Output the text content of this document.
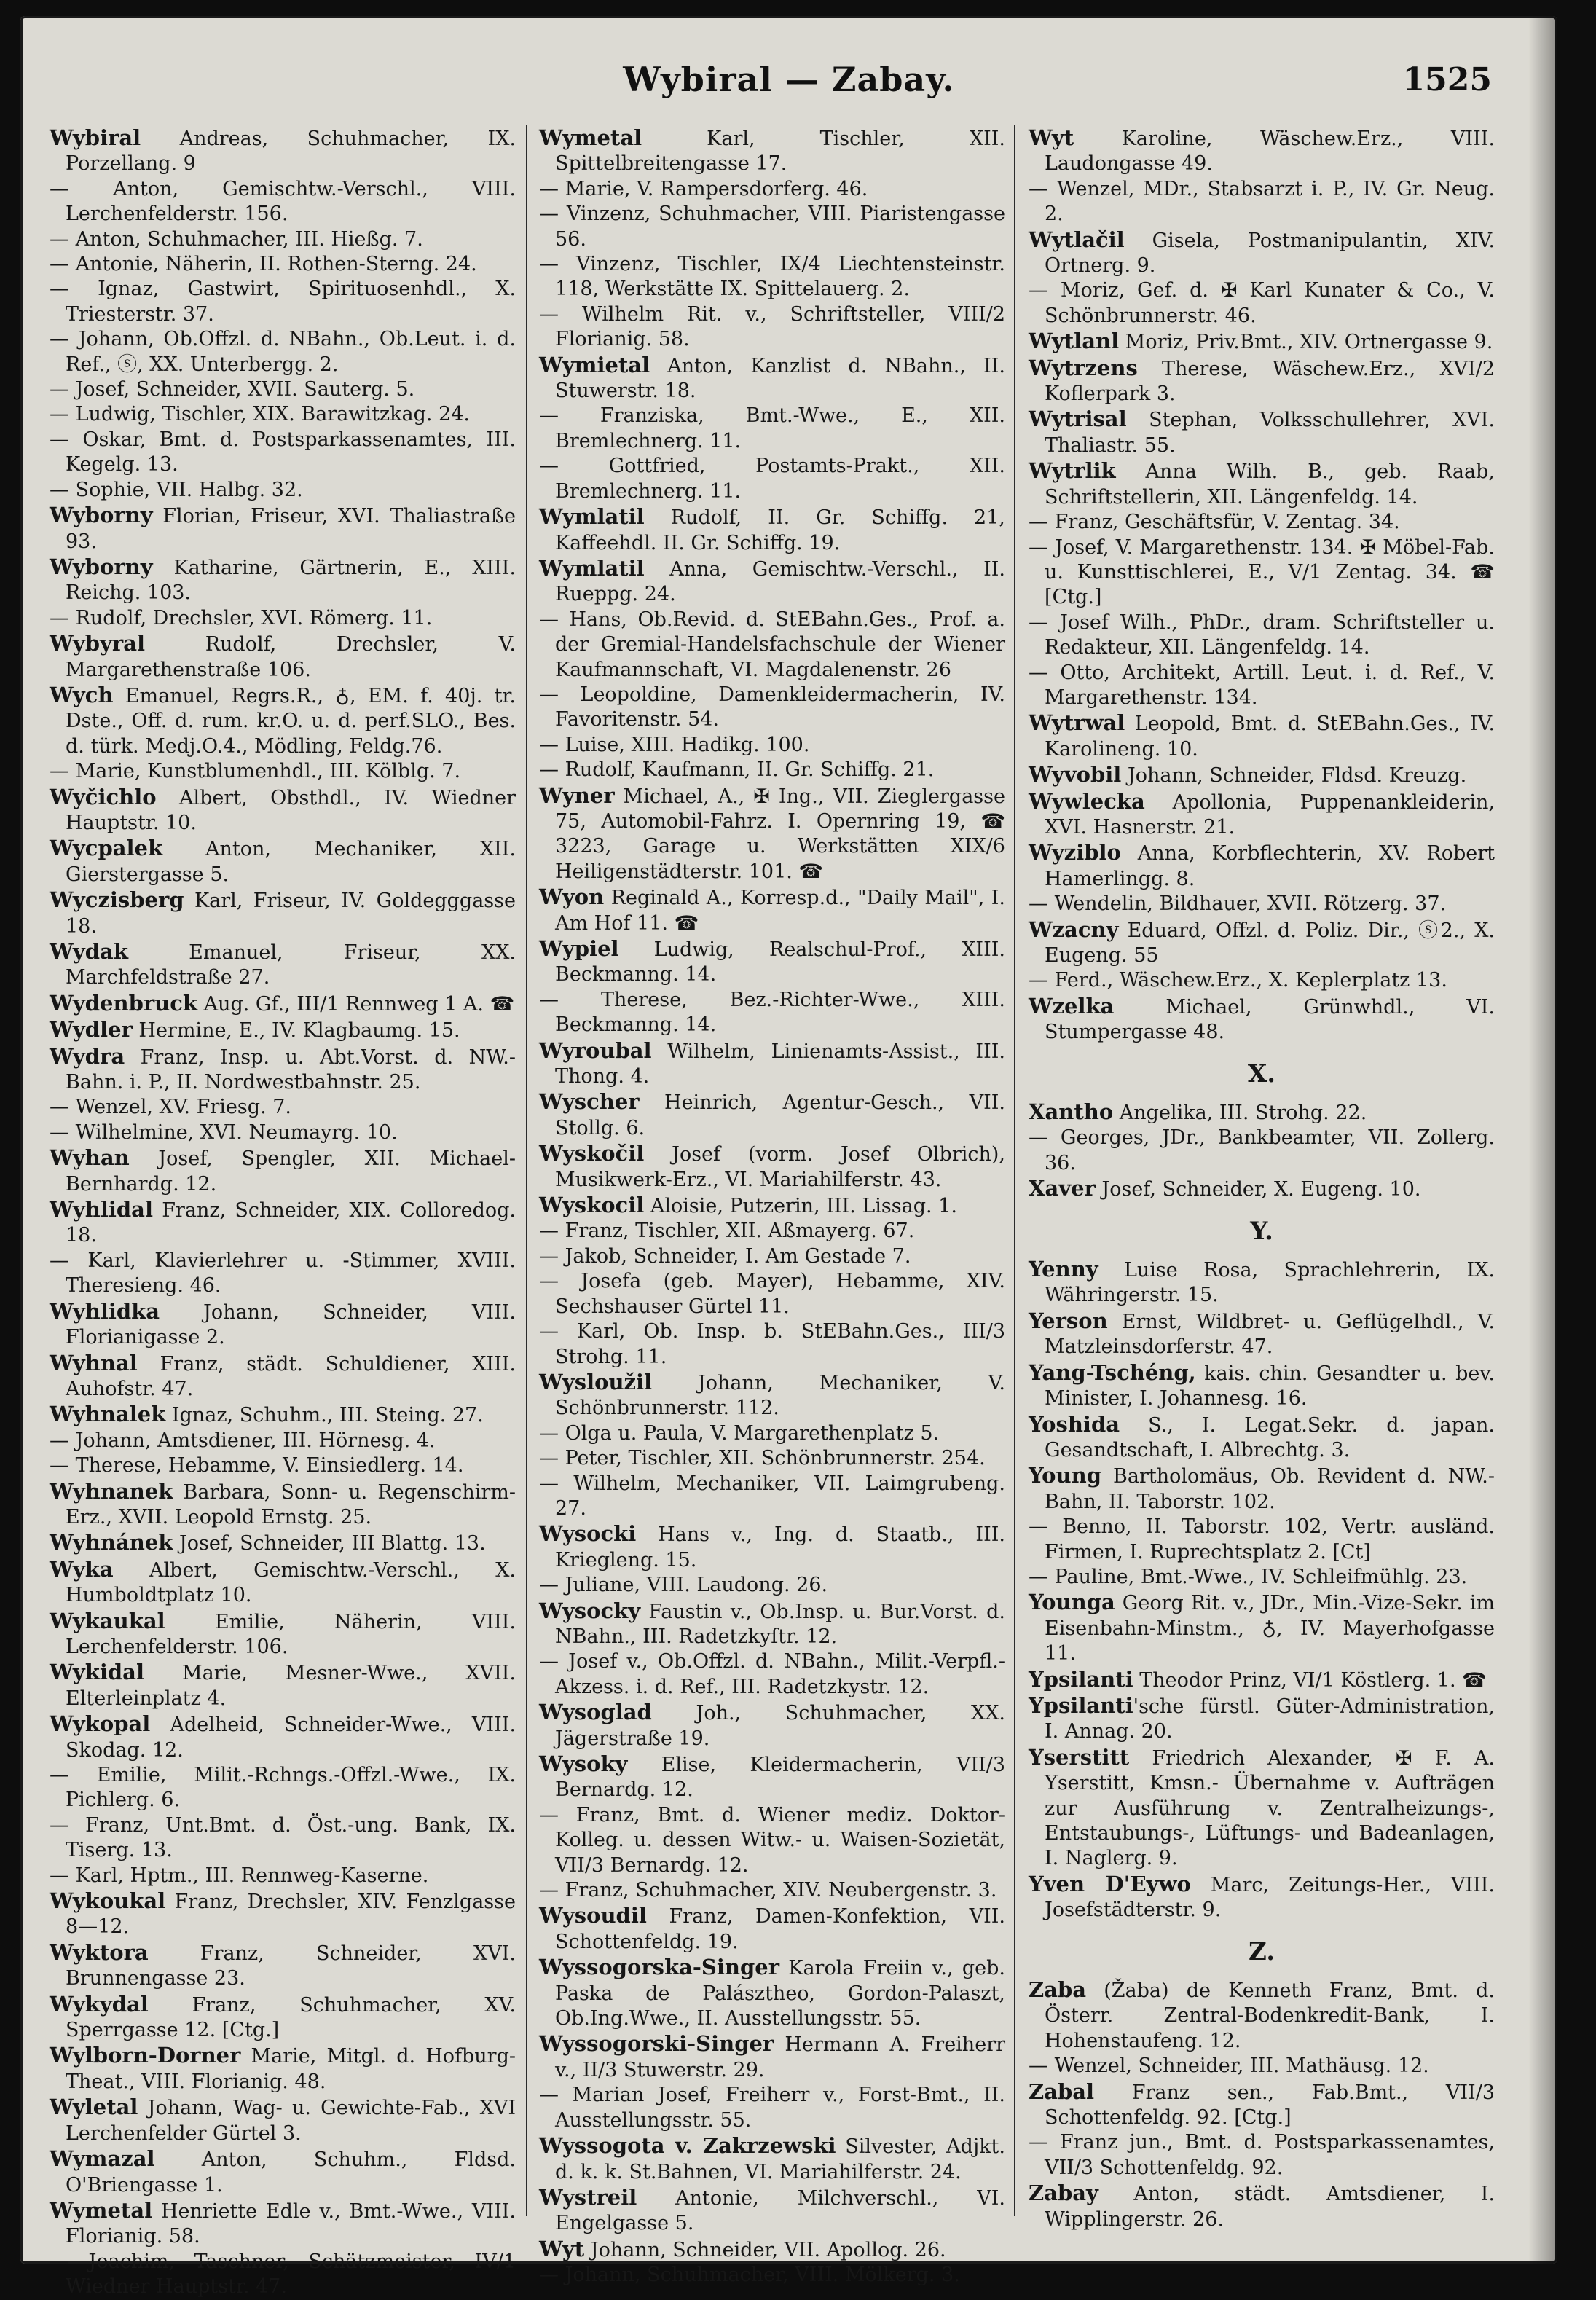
Wybiral — Zabay.	1525

Wybiral Andreas, Schuhmacher, IX. Porzellang. 9

— Anton, Gemischtw.-Verschl., VIII. Lerchenfelderstr. 156.

— Anton, Schuhmacher, III. Hießg. 7.

— Antonie, Näherin, II. Rothen-Sterng. 24.

— Ignaz, Gastwirt, Spirituosenhdl., X. Triesterstr. 37.

— Johann, Ob.Offzl. d. NBahn., Ob.Leut. i. d. Ref., ⓢ, XX. Unterbergg. 2.

— Josef, Schneider, XVII. Sauterg. 5.

— Ludwig, Tischler, XIX. Barawitzkag. 24.

— Oskar, Bmt. d. Postsparkassenamtes, III. Kegelg. 13.

— Sophie, VII. Halbg. 32.

Wyborny Florian, Friseur, XVI. Thaliastraße 93.

Wyborny Katharine, Gärtnerin, E., XIII. Reichg. 103.

— Rudolf, Drechsler, XVI. Römerg. 11.

Wybyral Rudolf, Drechsler, V. Margarethenstraße 106.

Wych Emanuel, Regrs.R., ♁, EM. f. 40j. tr. Dste., Off. d. rum. kr.O. u. d. perf.SLO., Bes. d. türk. Medj.O.4., Mödling, Feldg.76.

— Marie, Kunstblumenhdl., III. Kölblg. 7.

Wyčichlo Albert, Obsthdl., IV. Wiedner Hauptstr. 10.

Wycpalek Anton, Mechaniker, XII. Gierstergasse 5.

Wyczisberg Karl, Friseur, IV. Goldegggasse 18.

Wydak Emanuel, Friseur, XX. Marchfeldstraße 27.

Wydenbruck Aug. Gf., III/1 Rennweg 1 A. ☎

Wydler Hermine, E., IV. Klagbaumg. 15.

Wydra Franz, Insp. u. Abt.Vorst. d. NW.-Bahn. i. P., II. Nordwestbahnstr. 25.

— Wenzel, XV. Friesg. 7.

— Wilhelmine, XVI. Neumayrg. 10.

Wyhan Josef, Spengler, XII. Michael-Bernhardg. 12.

Wyhlidal Franz, Schneider, XIX. Colloredog. 18.

— Karl, Klavierlehrer u. -Stimmer, XVIII. Theresieng. 46.

Wyhlidka Johann, Schneider, VIII. Florianigasse 2.

Wyhnal Franz, städt. Schuldiener, XIII. Auhofstr. 47.

Wyhnalek Ignaz, Schuhm., III. Steing. 27.

— Johann, Amtsdiener, III. Hörnesg. 4.

— Therese, Hebamme, V. Einsiedlerg. 14.

Wyhnanek Barbara, Sonn- u. Regenschirm-Erz., XVII. Leopold Ernstg. 25.

Wyhnánek Josef, Schneider, III Blattg. 13.

Wyka Albert, Gemischtw.-Verschl., X. Humboldtplatz 10.

Wykaukal Emilie, Näherin, VIII. Lerchenfelderstr. 106.

Wykidal Marie, Mesner-Wwe., XVII. Elterleinplatz 4.

Wykopal Adelheid, Schneider-Wwe., VIII. Skodag. 12.

— Emilie, Milit.-Rchngs.-Offzl.-Wwe., IX. Pichlerg. 6.

— Franz, Unt.Bmt. d. Öst.-ung. Bank, IX. Tiserg. 13.

— Karl, Hptm., III. Rennweg-Kaserne.

Wykoukal Franz, Drechsler, XIV. Fenzlgasse 8—12.

Wyktora Franz, Schneider, XVI. Brunnengasse 23.

Wykydal Franz, Schuhmacher, XV. Sperrgasse 12. [Ctg.]

Wylborn-Dorner Marie, Mitgl. d. Hofburg-Theat., VIII. Florianig. 48.

Wyletal Johann, Wag- u. Gewichte-Fab., XVI Lerchenfelder Gürtel 3.

Wymazal Anton, Schuhm., Fldsd. O'Briengasse 1.

Wymetal Henriette Edle v., Bmt.-Wwe., VIII. Florianig. 58.

— Joachim, Taschner, Schätzmeister, IV/1 Wiedner Hauptstr. 47.

Wymetal Karl, Tischler, XII. Spittelbreitengasse 17.

— Marie, V. Rampersdorferg. 46.

— Vinzenz, Schuhmacher, VIII. Piaristengasse 56.

— Vinzenz, Tischler, IX/4 Liechtensteinstr. 118, Werkstätte IX. Spittelauerg. 2.

— Wilhelm Rit. v., Schriftsteller, VIII/2 Florianig. 58.

Wymietal Anton, Kanzlist d. NBahn., II. Stuwerstr. 18.

— Franziska, Bmt.-Wwe., E., XII. Bremlechnerg. 11.

— Gottfried, Postamts-Prakt., XII. Bremlechnerg. 11.

Wymlatil Rudolf, II. Gr. Schiffg. 21, Kaffeehdl. II. Gr. Schiffg. 19.

Wymlatil Anna, Gemischtw.-Verschl., II. Rueppg. 24.

— Hans, Ob.Revid. d. StEBahn.Ges., Prof. a. der Gremial-Handelsfachschule der Wiener Kaufmannschaft, VI. Magdalenenstr. 26

— Leopoldine, Damenkleidermacherin, IV. Favoritenstr. 54.

— Luise, XIII. Hadikg. 100.

— Rudolf, Kaufmann, II. Gr. Schiffg. 21.

Wyner Michael, A., ✠ Ing., VII. Zieglergasse 75, Automobil-Fahrz. I. Opernring 19, ☎ 3223, Garage u. Werkstätten XIX/6 Heiligenstädterstr. 101. ☎

Wyon Reginald A., Korresp.d., "Daily Mail", I. Am Hof 11. ☎

Wypiel Ludwig, Realschul-Prof., XIII. Beckmanng. 14.

— Therese, Bez.-Richter-Wwe., XIII. Beckmanng. 14.

Wyroubal Wilhelm, Linienamts-Assist., III. Thong. 4.

Wyscher Heinrich, Agentur-Gesch., VII. Stollg. 6.

Wyskočil Josef (vorm. Josef Olbrich), Musikwerk-Erz., VI. Mariahilferstr. 43.

Wyskocil Aloisie, Putzerin, III. Lissag. 1.

— Franz, Tischler, XII. Aßmayerg. 67.

— Jakob, Schneider, I. Am Gestade 7.

— Josefa (geb. Mayer), Hebamme, XIV. Sechshauser Gürtel 11.

— Karl, Ob. Insp. b. StEBahn.Ges., III/3 Strohg. 11.

Wysloužil Johann, Mechaniker, V. Schönbrunnerstr. 112.

— Olga u. Paula, V. Margarethenplatz 5.

— Peter, Tischler, XII. Schönbrunnerstr. 254.

— Wilhelm, Mechaniker, VII. Laimgrubeng. 27.

Wysocki Hans v., Ing. d. Staatb., III. Kriegleng. 15.

— Juliane, VIII. Laudong. 26.

Wysocky Faustin v., Ob.Insp. u. Bur.Vorst. d. NBahn., III. Radetzkyſtr. 12.

— Josef v., Ob.Offzl. d. NBahn., Milit.-Verpfl.-Akzess. i. d. Ref., III. Radetzkystr. 12.

Wysoglad Joh., Schuhmacher, XX. Jägerstraße 19.

Wysoky Elise, Kleidermacherin, VII/3 Bernardg. 12.

— Franz, Bmt. d. Wiener mediz. Doktor-Kolleg. u. dessen Witw.- u. Waisen-Sozietät, VII/3 Bernardg. 12.

— Franz, Schuhmacher, XIV. Neubergenstr. 3.

Wysoudil Franz, Damen-Konfektion, VII. Schottenfeldg. 19.

Wyssogorska-Singer Karola Freiin v., geb. Paska de Palásztheo, Gordon-Palaszt, Ob.Ing.Wwe., II. Ausstellungsstr. 55.

Wyssogorski-Singer Hermann A. Freiherr v., II/3 Stuwerstr. 29.

— Marian Josef, Freiherr v., Forst-Bmt., II. Ausstellungsstr. 55.

Wyssogota v. Zakrzewski Silvester, Adjkt. d. k. k. St.Bahnen, VI. Mariahilferstr. 24.

Wystreil Antonie, Milchverschl., VI. Engelgasse 5.

Wyt Johann, Schneider, VII. Apollog. 26.

— Johann, Schuhmacher, VIII. Mölkerg. 3.

Wyt Karoline, Wäschew.Erz., VIII. Laudongasse 49.

— Wenzel, MDr., Stabsarzt i. P., IV. Gr. Neug. 2.

Wytlačil Gisela, Postmanipulantin, XIV. Ortnerg. 9.

— Moriz, Gef. d. ✠ Karl Kunater & Co., V. Schönbrunnerstr. 46.

Wytlanl Moriz, Priv.Bmt., XIV. Ortnergasse 9.

Wytrzens Therese, Wäschew.Erz., XVI/2 Koflerpark 3.

Wytrisal Stephan, Volksschullehrer, XVI. Thaliastr. 55.

Wytrlik Anna Wilh. B., geb. Raab, Schriftstellerin, XII. Längenfeldg. 14.

— Franz, Geschäftsfür, V. Zentag. 34.

— Josef, V. Margarethenstr. 134. ✠ Möbel-Fab. u. Kunsttischlerei, E., V/1 Zentag. 34. ☎ [Ctg.]

— Josef Wilh., PhDr., dram. Schriftsteller u. Redakteur, XII. Längenfeldg. 14.

— Otto, Architekt, Artill. Leut. i. d. Ref., V. Margarethenstr. 134.

Wytrwal Leopold, Bmt. d. StEBahn.Ges., IV. Karolineng. 10.

Wyvobil Johann, Schneider, Fldsd. Kreuzg.

Wywlecka Apollonia, Puppenankleiderin, XVI. Hasnerstr. 21.

Wyziblo Anna, Korbflechterin, XV. Robert Hamerlingg. 8.

— Wendelin, Bildhauer, XVII. Rötzerg. 37.

Wzacny Eduard, Offzl. d. Poliz. Dir., ⓢ2., X. Eugeng. 55

— Ferd., Wäschew.Erz., X. Keplerplatz 13.

Wzelka Michael, Grünwhdl., VI. Stumpergasse 48.

X.

Xantho Angelika, III. Strohg. 22.

— Georges, JDr., Bankbeamter, VII. Zollerg. 36.

Xaver Josef, Schneider, X. Eugeng. 10.

Y.

Yenny Luise Rosa, Sprachlehrerin, IX. Währingerstr. 15.

Yerson Ernst, Wildbret- u. Geflügelhdl., V. Matzleinsdorferstr. 47.

Yang-Tschéng, kais. chin. Gesandter u. bev. Minister, I. Johannesg. 16.

Yoshida S., I. Legat.Sekr. d. japan. Gesandtschaft, I. Albrechtg. 3.

Young Bartholomäus, Ob. Revident d. NW.-Bahn, II. Taborstr. 102.

— Benno, II. Taborstr. 102, Vertr. ausländ. Firmen, I. Ruprechtsplatz 2. [Ct]

— Pauline, Bmt.-Wwe., IV. Schleifmühlg. 23.

Younga Georg Rit. v., JDr., Min.-Vize-Sekr. im Eisenbahn-Minstm., ♁, IV. Mayerhofgasse 11.

Ypsilanti Theodor Prinz, VI/1 Köstlerg. 1. ☎

Ypsilanti'sche fürstl. Güter-Administration, I. Annag. 20.

Yserstitt Friedrich Alexander, ✠ F. A. Yserstitt, Kmsn.- Übernahme v. Aufträgen zur Ausführung v. Zentralheizungs-, Entstaubungs-, Lüftungs- und Badeanlagen, I. Naglerg. 9.

Yven D'Eywo Marc, Zeitungs-Her., VIII. Josefstädterstr. 9.

Z.

Zaba (Žaba) de Kenneth Franz, Bmt. d. Österr. Zentral-Bodenkredit-Bank, I. Hohenstaufeng. 12.

— Wenzel, Schneider, III. Mathäusg. 12.

Zabal Franz sen., Fab.Bmt., VII/3 Schottenfeldg. 92. [Ctg.]

— Franz jun., Bmt. d. Postsparkassenamtes, VII/3 Schottenfeldg. 92.

Zabay Anton, städt. Amtsdiener, I. Wipplingerstr. 26.
